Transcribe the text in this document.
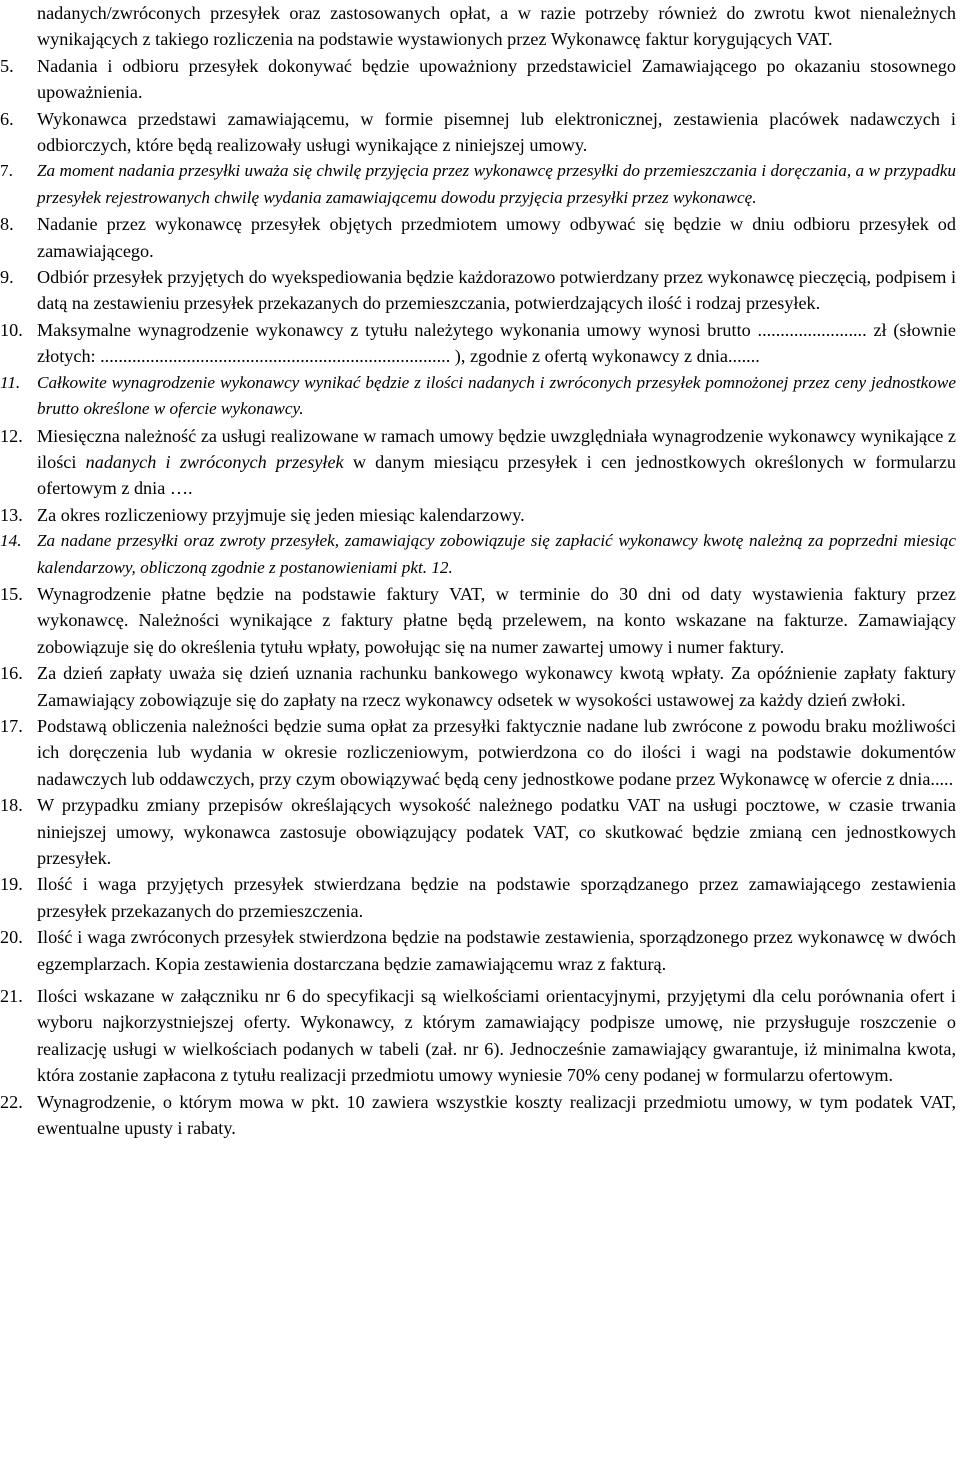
nadanych/zwróconych przesyłek oraz zastosowanych opłat, a w razie potrzeby również do zwrotu kwot nienależnych wynikających z takiego rozliczenia na podstawie wystawionych przez Wykonawcę faktur korygujących VAT.

5.	Nadania i odbioru przesyłek dokonywać będzie upoważniony przedstawiciel Zamawiającego po okazaniu stosownego upoważnienia.
6.	Wykonawca przedstawi zamawiającemu, w formie pisemnej lub elektronicznej, zestawienia placówek nadawczych i odbiorczych, które będą realizowały usługi wynikające z niniejszej umowy.
7.	Za moment nadania przesyłki uważa się chwilę przyjęcia przez wykonawcę przesyłki do przemieszczania i doręczania, a w przypadku przesyłek rejestrowanych chwilę wydania zamawiającemu dowodu przyjęcia przesyłki przez wykonawcę.
8.	Nadanie przez wykonawcę przesyłek objętych przedmiotem umowy odbywać się będzie w dniu odbioru przesyłek od zamawiającego.
9.	Odbiór przesyłek przyjętych do wyekspediowania będzie każdorazowo potwierdzany przez wykonawcę pieczęcią, podpisem i datą na zestawieniu przesyłek przekazanych do przemieszczania, potwierdzających ilość i rodzaj przesyłek.
10. Maksymalne wynagrodzenie wykonawcy z tytułu należytego wykonania umowy wynosi brutto ........................ zł (słownie złotych: ............................................................................. ), zgodnie z ofertą wykonawcy z dnia.......
11. Całkowite wynagrodzenie wykonawcy wynikać będzie z ilości nadanych i zwróconych przesyłek pomnożonej przez ceny jednostkowe brutto określone w ofercie wykonawcy.
12. Miesięczna należność za usługi realizowane w ramach umowy będzie uwzględniała wynagrodzenie wykonawcy wynikające z ilości nadanych i zwróconych przesyłek w danym miesiącu przesyłek i cen jednostkowych określonych w formularzu ofertowym z dnia ….
13. Za okres rozliczeniowy przyjmuje się jeden miesiąc kalendarzowy.
14. Za nadane przesyłki oraz zwroty przesyłek, zamawiający zobowiązuje się zapłacić wykonawcy kwotę należną za poprzedni miesiąc kalendarzowy, obliczoną zgodnie z postanowieniami pkt. 12.
15. Wynagrodzenie płatne będzie na podstawie faktury VAT, w terminie do 30 dni od daty wystawienia faktury przez wykonawcę. Należności wynikające z faktury płatne będą przelewem, na konto wskazane na fakturze. Zamawiający zobowiązuje się do określenia tytułu wpłaty, powołując się na numer zawartej umowy i numer faktury.
16. Za dzień zapłaty uważa się dzień uznania rachunku bankowego wykonawcy kwotą wpłaty. Za opóźnienie zapłaty faktury Zamawiający zobowiązuje się do zapłaty na rzecz wykonawcy odsetek w wysokości ustawowej za każdy dzień zwłoki.
17. Podstawą obliczenia należności będzie suma opłat za przesyłki faktycznie nadane lub zwrócone z powodu braku możliwości ich doręczenia lub wydania w okresie rozliczeniowym, potwierdzona co do ilości i wagi na podstawie dokumentów nadawczych lub oddawczych, przy czym obowiązywać będą ceny jednostkowe podane przez Wykonawcę w ofercie z dnia.....
18. W przypadku zmiany przepisów określających wysokość należnego podatku VAT na usługi pocztowe, w czasie trwania niniejszej umowy, wykonawca zastosuje obowiązujący podatek VAT, co skutkować będzie zmianą cen jednostkowych przesyłek.
19. Ilość i waga przyjętych przesyłek stwierdzana będzie na podstawie sporządzanego przez zamawiającego zestawienia przesyłek przekazanych do przemieszczenia.
20. Ilość i waga zwróconych przesyłek stwierdzona będzie na podstawie zestawienia, sporządzonego przez wykonawcę w dwóch egzemplarzach. Kopia zestawienia dostarczana będzie zamawiającemu wraz z fakturą.
21. Ilości wskazane w załączniku nr 6 do specyfikacji są wielkościami orientacyjnymi, przyjętymi dla celu porównania ofert i wyboru najkorzystniejszej oferty. Wykonawcy, z którym zamawiający podpisze umowę, nie przysługuje roszczenie o realizację usługi w wielkościach podanych w tabeli (zał. nr 6). Jednocześnie zamawiający gwarantuje, iż minimalna kwota, która zostanie zapłacona z tytułu realizacji przedmiotu umowy wyniesie 70% ceny podanej w formularzu ofertowym.
22. Wynagrodzenie, o którym mowa w pkt. 10 zawiera wszystkie koszty realizacji przedmiotu umowy, w tym podatek VAT, ewentualne upusty i rabaty.
